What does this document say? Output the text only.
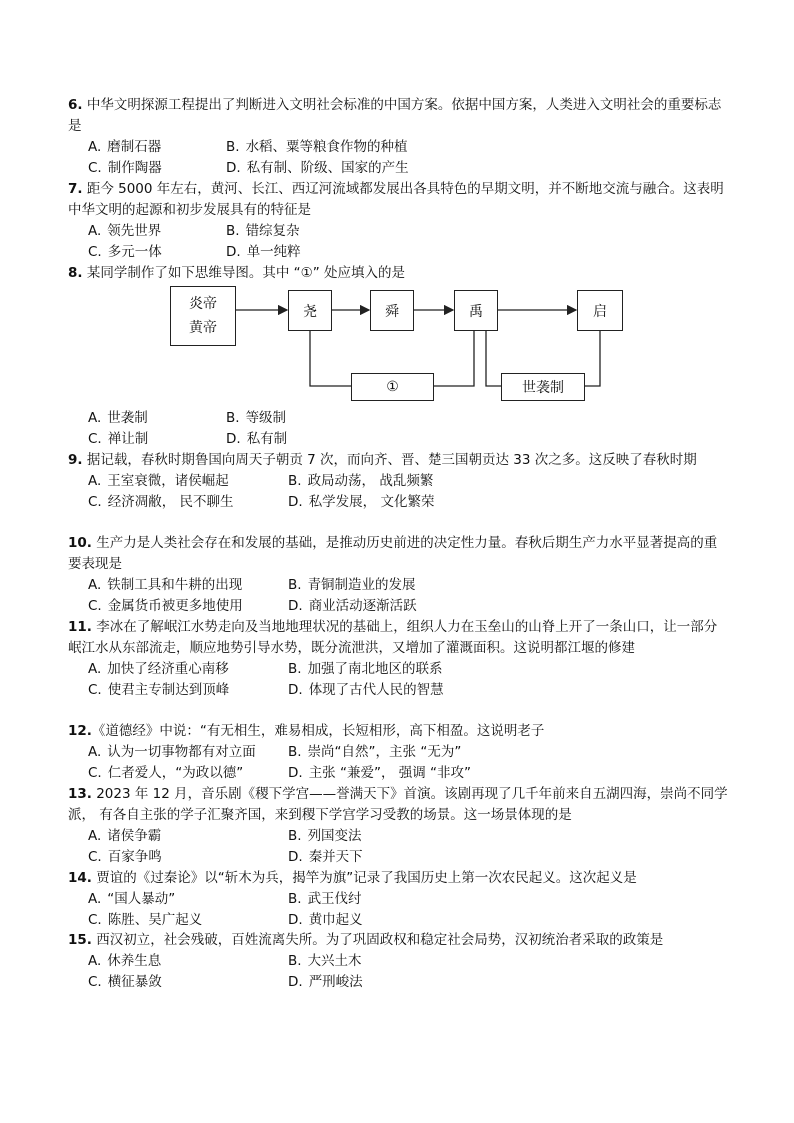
6. 中华文明探源工程提出了判断进入文明社会标准的中国方案。依据中国方案，人类进入文明社会的重要标志是

A. 磨制石器	B. 水稻、粟等粮食作物的种植
C. 制作陶器	D. 私有制、阶级、国家的产生

7. 距今 5000 年左右，黄河、长江、西辽河流域都发展出各具特色的早期文明，并不断地交流与融合。这表明中华文明的起源和初步发展具有的特征是

A. 领先世界	B. 错综复杂
C. 多元一体	D. 单一纯粹

8. 某同学制作了如下思维导图。其中 “①” 处应填入的是

炎帝
黄帝
尧	舜	禹	启
①	世袭制
A. 世袭制	B. 等级制
C. 禅让制	D. 私有制

9. 据记载，春秋时期鲁国向周天子朝贡 7 次，而向齐、晋、楚三国朝贡达 33 次之多。这反映了春秋时期

A. 王室衰微，诸侯崛起	B. 政局动荡， 战乱频繁
C. 经济凋敝， 民不聊生	D. 私学发展， 文化繁荣

10. 生产力是人类社会存在和发展的基础，是推动历史前进的决定性力量。春秋后期生产力水平显著提高的重要表现是

A. 铁制工具和牛耕的出现	B. 青铜制造业的发展
C. 金属货币被更多地使用	D. 商业活动逐渐活跃

11. 李冰在了解岷江水势走向及当地地理状况的基础上，组织人力在玉垒山的山脊上开了一条山口，让一部分岷江水从东部流走，顺应地势引导水势，既分流泄洪，又增加了灌溉面积。这说明都江堰的修建

A. 加快了经济重心南移	B. 加强了南北地区的联系
C. 使君主专制达到顶峰	D. 体现了古代人民的智慧

12.《道德经》中说：“有无相生，难易相成，长短相形，高下相盈。这说明老子

A. 认为一切事物都有对立面	B. 崇尚“自然”，主张 “无为”
C. 仁者爱人，“为政以德”	D. 主张 “兼爱”， 强调 “非攻”

13. 2023 年 12 月，音乐剧《稷下学宫——誉满天下》首演。该剧再现了几千年前来自五湖四海，崇尚不同学派， 有各自主张的学子汇聚齐国，来到稷下学宫学习受教的场景。这一场景体现的是

A. 诸侯争霸	B. 列国变法
C. 百家争鸣	D. 秦并天下

14. 贾谊的《过秦论》以“斩木为兵，揭竿为旗”记录了我国历史上第一次农民起义。这次起义是

A. “国人暴动”	B. 武王伐纣
C. 陈胜、吴广起义	D. 黄巾起义

15. 西汉初立，社会残破，百姓流离失所。为了巩固政权和稳定社会局势，汉初统治者采取的政策是

A. 休养生息	B. 大兴土木
C. 横征暴敛	D. 严刑峻法
